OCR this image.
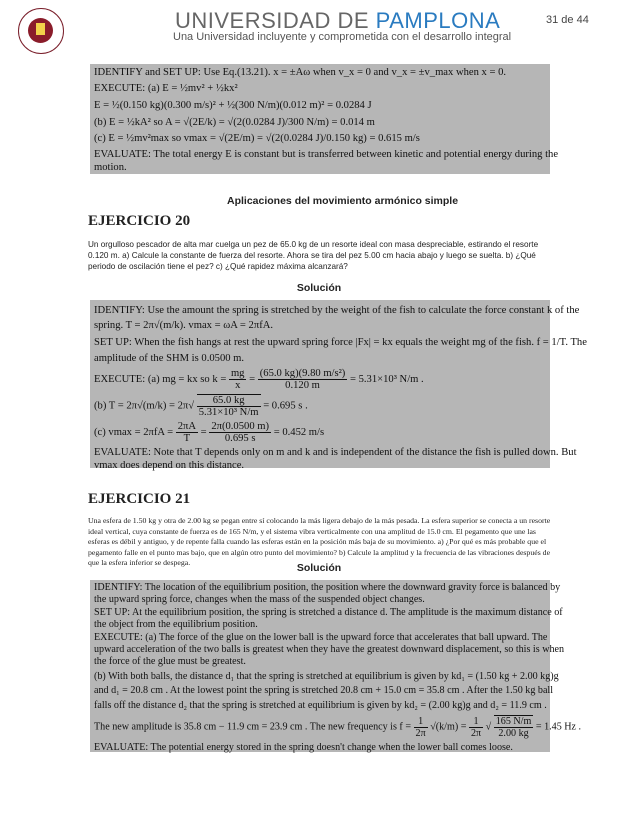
UNIVERSIDAD DE PAMPLONA
Una Universidad incluyente y comprometida con el desarrollo integral
31 de 44
IDENTIFY and SET UP: Use Eq.(13.21). x = ±Aω when v_x = 0 and v_x = ±v_max when x = 0.
EXECUTE: (a) E = ½mv² + ½kx²
E = ½(0.150 kg)(0.300 m/s)² + ½(300 N/m)(0.012 m)² = 0.0284 J
(b) E = ½kA² so A = √(2E/k) = √(2(0.0284 J)/300 N/m) = 0.014 m
(c) E = ½mv²max so vmax = √(2E/m) = √(2(0.0284 J)/0.150 kg) = 0.615 m/s
EVALUATE: The total energy E is constant but is transferred between kinetic and potential energy during the
motion.
Aplicaciones del movimiento armónico simple
EJERCICIO 20
Un orgulloso pescador de alta mar cuelga un pez de 65.0 kg de un resorte ideal con masa despreciable, estirando el resorte 0.120 m. a) Calcule la constante de fuerza del resorte. Ahora se tira del pez 5.00 cm hacia abajo y luego se suelta. b) ¿Qué periodo de oscilación tiene el pez? c) ¿Qué rapidez máxima alcanzará?
Solución
IDENTIFY: Use the amount the spring is stretched by the weight of the fish to calculate the force constant k of the
spring. T = 2π√(m/k). vmax = ωA = 2πfA.
SET UP: When the fish hangs at rest the upward spring force |Fx| = kx equals the weight mg of the fish. f = 1/T. The
amplitude of the SHM is 0.0500 m.
EXECUTE: (a) mg = kx so $k = \frac{mg}{x} = \frac{\text{(65.0 kg)(9.80 m/s²)}}{0.120 m} = 5.31\times 10^3$ N/m .
(b) $T = 2\pi√(m/k) = 2\pi√ \frac{65.0 kg}{\text{5.31×10³ N/m}} = 0.695$ s .
(c) $vmax = 2\pi fA = \frac{2\pi A}{T} = \frac{2\pi(0.0500 m)}{0.695 s} = 0.452$ m/s
EVALUATE: Note that T depends only on m and k and is independent of the distance the fish is pulled down. But
vmax does depend on this distance.
EJERCICIO 21
Una esfera de 1.50 kg y otra de 2.00 kg se pegan entre sí colocando la más ligera debajo de la más pesada. La esfera superior se conecta a un resorte ideal vertical, cuya constante de fuerza es de 165 N/m, y el sistema vibra verticalmente con una amplitud de 15.0 cm. El pegamento que une las esferas es débil y antiguo, y de repente falla cuando las esferas están en la posición más baja de su movimiento. a) ¿Por qué es más probable que el pegamento falle en el punto mas bajo, que en algún otro punto del movimiento? b) Calcule la amplitud y la frecuencia de las vibraciones después de que la esfera inferior se despega.	Solución
IDENTIFY: The location of the equilibrium position, the position where the downward gravity force is balanced by
the upward spring force, changes when the mass of the suspended object changes.
SET UP: At the equilibrium position, the spring is stretched a distance d. The amplitude is the maximum distance of
the object from the equilibrium position.
EXECUTE: (a) The force of the glue on the lower ball is the upward force that accelerates that ball upward. The
upward acceleration of the two balls is greatest when they have the greatest downward displacement, so this is when
the force of the glue must be greatest.
(b) With both balls, the distance d₁ that the spring is stretched at equilibrium is given by kd₁ = (1.50 kg + 2.00 kg)g
and d₁ = 20.8 cm . At the lowest point the spring is stretched 20.8 cm + 15.0 cm = 35.8 cm . After the 1.50 kg ball
falls off the distance d₂ that the spring is stretched at equilibrium is given by kd₂ = (2.00 kg)g and d₂ = 11.9 cm .
The new amplitude is 35.8 cm − 11.9 cm = 23.9 cm . The new frequency is $f = \frac{1}{2\pi} √(k/m) = \frac{1}{2\pi}$ √ $\frac{165 N/m}{2.00 kg} = 1.45$ Hz .
EVALUATE: The potential energy stored in the spring doesn't change when the lower ball comes loose.
